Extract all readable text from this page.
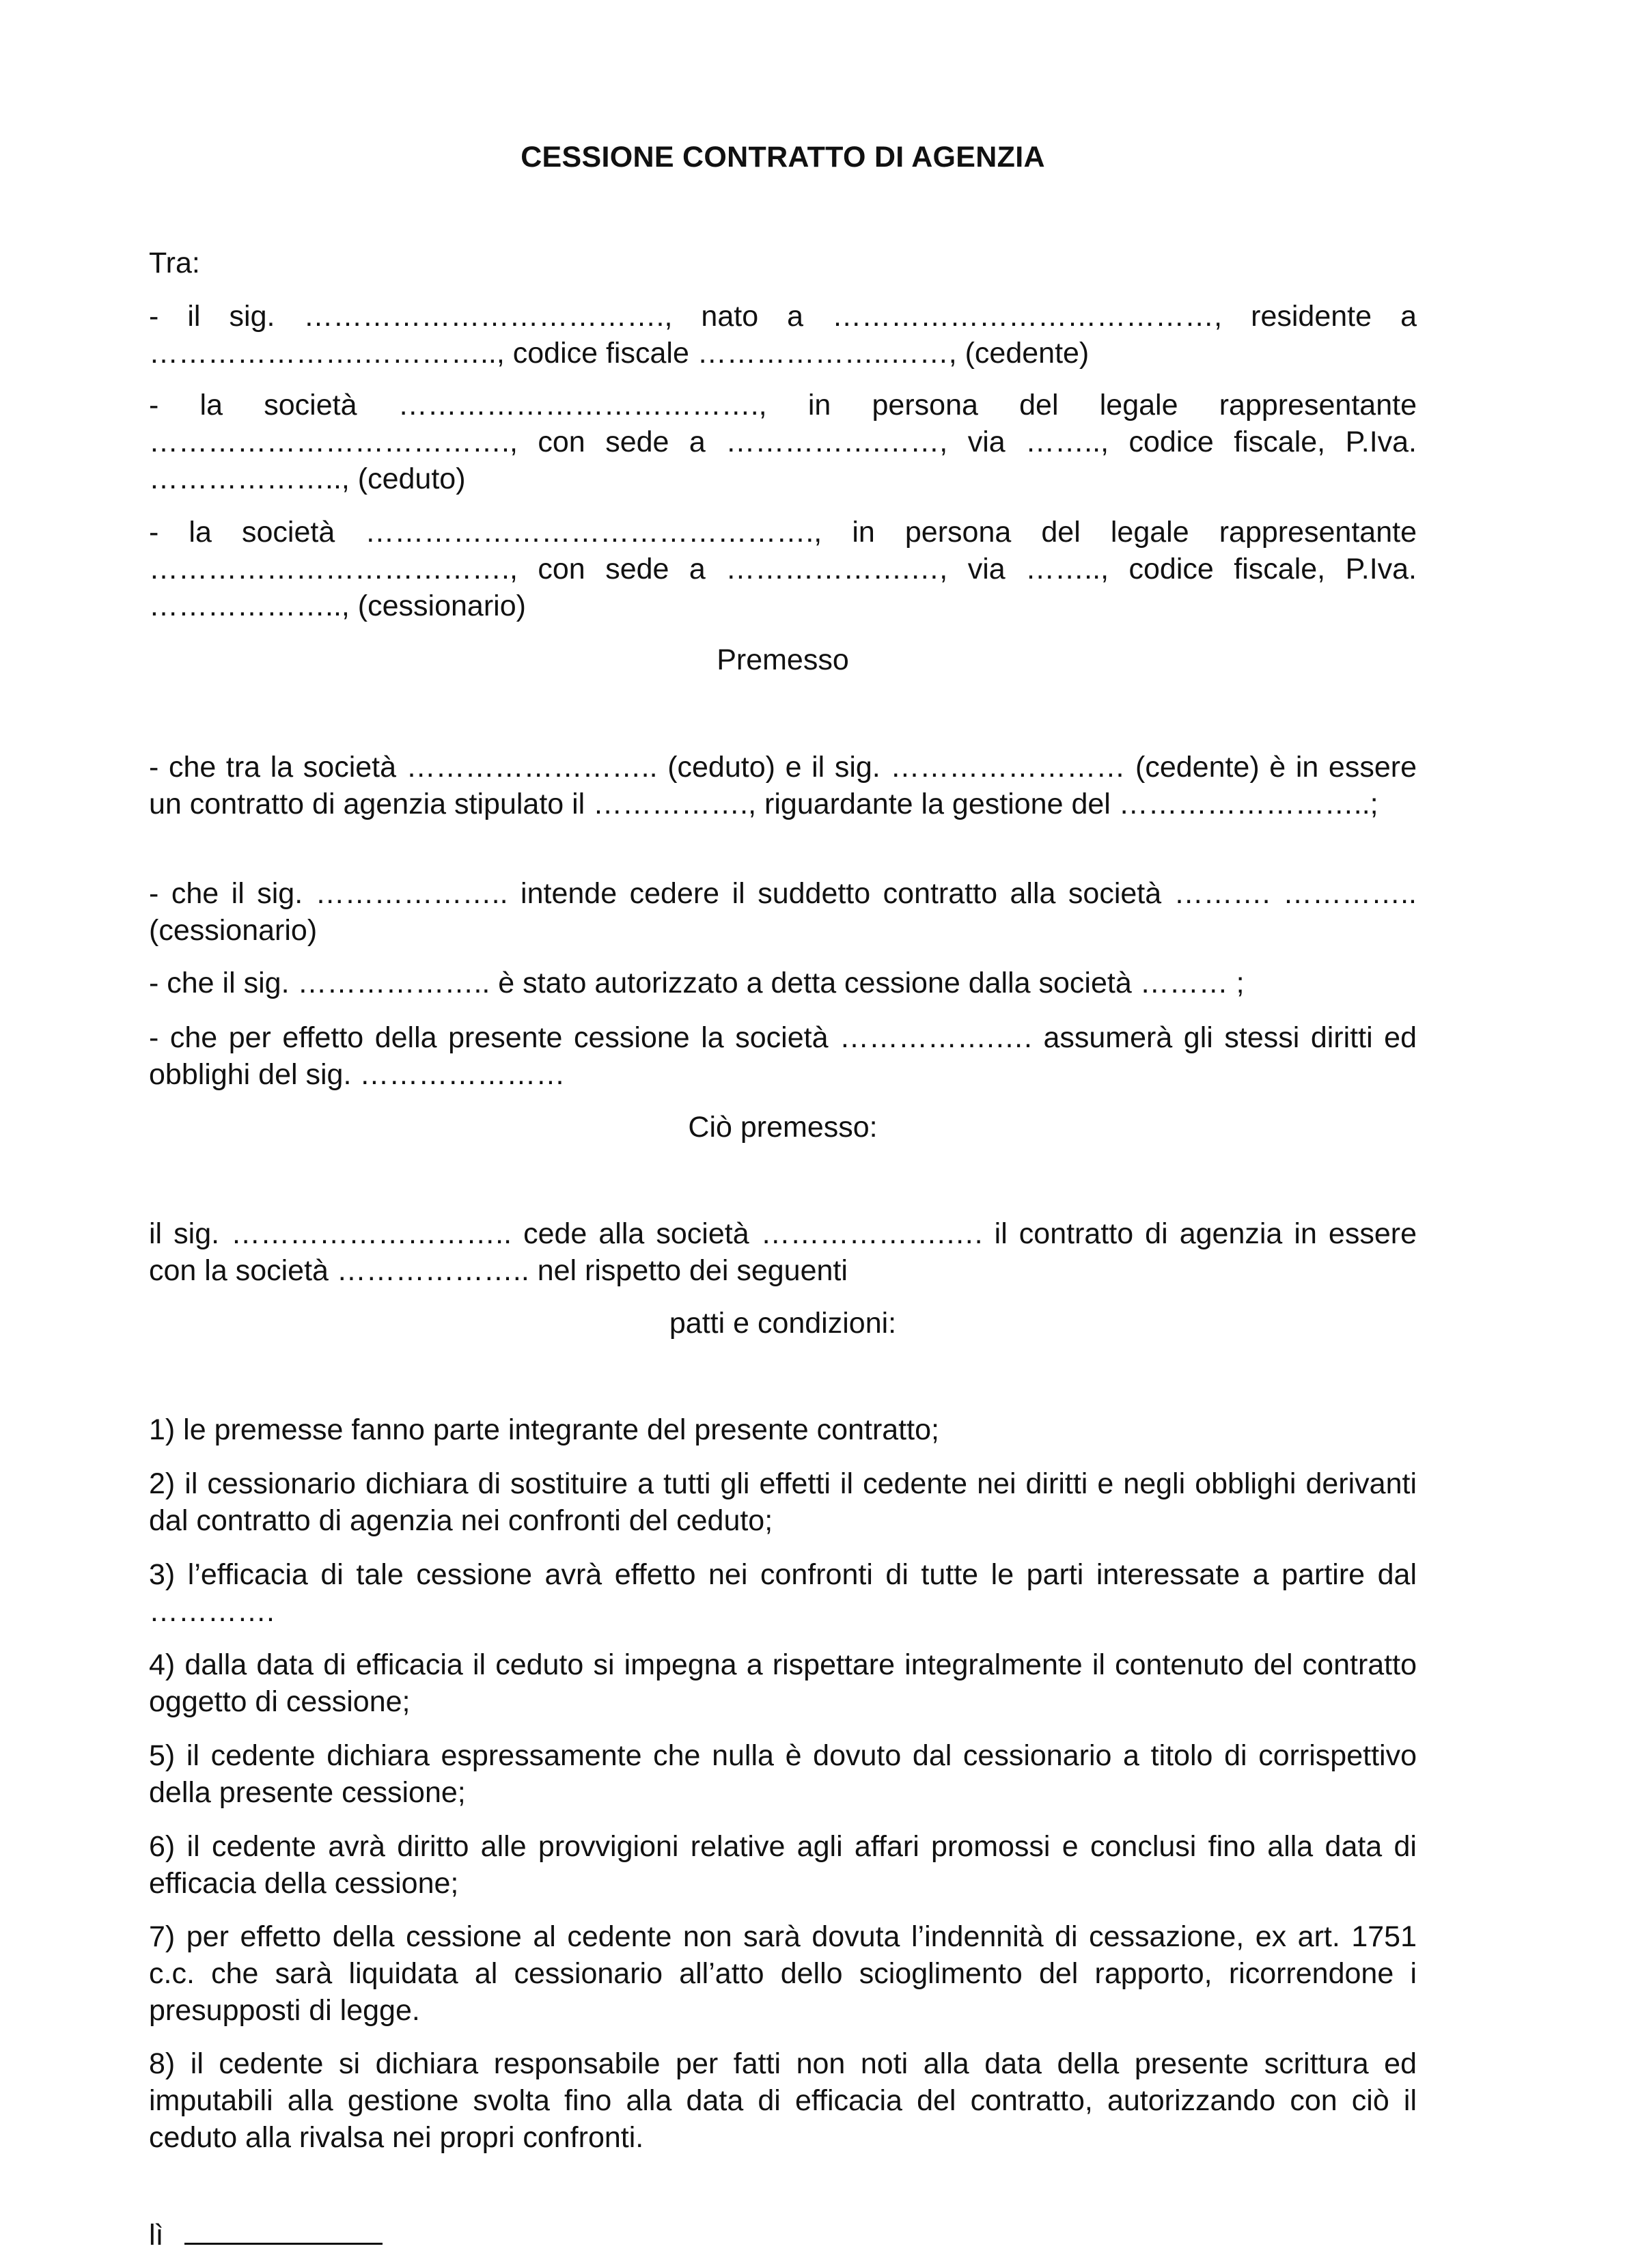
CESSIONE CONTRATTO DI AGENZIA
Tra:
- il sig. ………………………………., nato a …………………………………, residente a ………………….………….., codice fiscale ………………..……, (cedente)
- la società ………………………………., in persona del legale rappresentante ………………………………., con sede a …………….……, via …….., codice fiscale, P.Iva. ……………….., (ceduto)
- la società ………………………………………., in persona del legale rappresentante ………………………………., con sede a ……………….…, via …….., codice fiscale, P.Iva. ……………….., (cessionario)
Premesso
- che tra la società …………………….. (ceduto) e il sig. …………………… (cedente) è in essere un contratto di agenzia stipulato il ……………., riguardante la gestione del ……………………..;
- che il sig. ……………….. intende cedere il suddetto contratto alla società ………. ………….. (cessionario)
- che il sig. ……………….. è stato autorizzato a detta cessione dalla società ……… ;
- che per effetto della presente cessione la società …………….…. assumerà gli stessi diritti ed obblighi del sig. …………………
Ciò premesso:
il sig. ……………………….. cede alla società ……………….…. il contratto di agenzia in essere con la società ……………….. nel rispetto dei seguenti
patti e condizioni:
1) le premesse fanno parte integrante del presente contratto;
2) il cessionario dichiara di sostituire a tutti gli effetti il cedente nei diritti e negli obblighi derivanti dal contratto di agenzia nei confronti del ceduto;
3) l’efficacia di tale cessione avrà effetto nei confronti di tutte le parti interessate a partire dal ………….
4) dalla data di efficacia il ceduto si impegna a rispettare integralmente il contenuto del contratto oggetto di cessione;
5) il cedente dichiara espressamente che nulla è dovuto dal cessionario a titolo di corrispettivo della presente cessione;
6) il cedente avrà diritto alle provvigioni relative agli affari promossi e conclusi fino alla data di efficacia della cessione;
7) per effetto della cessione al cedente non sarà dovuta l’indennità di cessazione, ex art. 1751 c.c. che sarà liquidata al cessionario all’atto dello scioglimento del rapporto, ricorrendone i presupposti di legge.
8) il cedente si dichiara responsabile per fatti non noti alla data della presente scrittura ed imputabili alla gestione svolta fino alla data di efficacia del contratto, autorizzando con ciò il ceduto alla rivalsa nei propri confronti.
lì
